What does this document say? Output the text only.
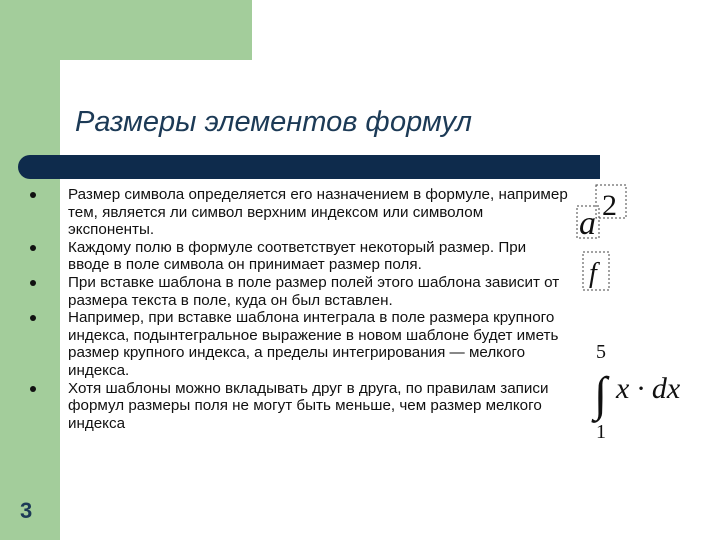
Размеры элементов формул
Размер символа определяется его назначением в формуле, например тем, является ли символ верхним индексом или символом экспоненты.
Каждому полю в формуле соответствует некоторый размер. При вводе в поле символа он принимает размер поля.
При вставке шаблона в поле размер полей этого шаблона зависит от размера текста в поле, куда он был вставлен.
Например, при вставке шаблона интеграла в поле размера крупного индекса, подынтегральное выражение в новом шаблоне будет иметь размер крупного индекса, а пределы интегрирования — мелкого индекса.
Хотя шаблоны можно вкладывать друг в друга, по правилам записи формул размеры поля не могут быть меньше, чем размер мелкого индекса
a 2
f
5
∫ x · dx
1
3
